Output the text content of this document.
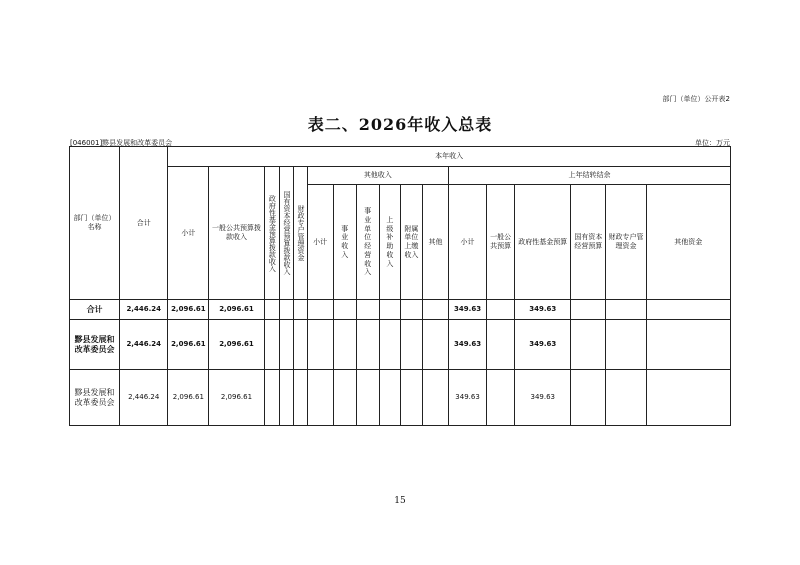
部门（单位）公开表2
表二、2026年收入总表
[046001]黟县发展和改革委员会	单位：万元
部门（单位）名称	合计	本年收入																
		小计	一般公共预算拨款收入	政府性基金预算拨款收入	国有资本经营预算拨款收入	财政专户管理资金	其他收入						上年结转结余					
							小计	事业收入	事业单位经营收入	上级补助收入	附属单位上缴收入	其他	小计	一般公共预算	政府性基金预算	国有资本经营预算	财政专户管理资金	其他资金

合计	2,446.24	2,096.61	2,096.61										349.63		349.63			

黟县发展和改革委员会	2,446.24	2,096.61	2,096.61										349.63		349.63			

黟县发展和改革委员会	2,446.24	2,096.61	2,096.61										349.63		349.63			
15
